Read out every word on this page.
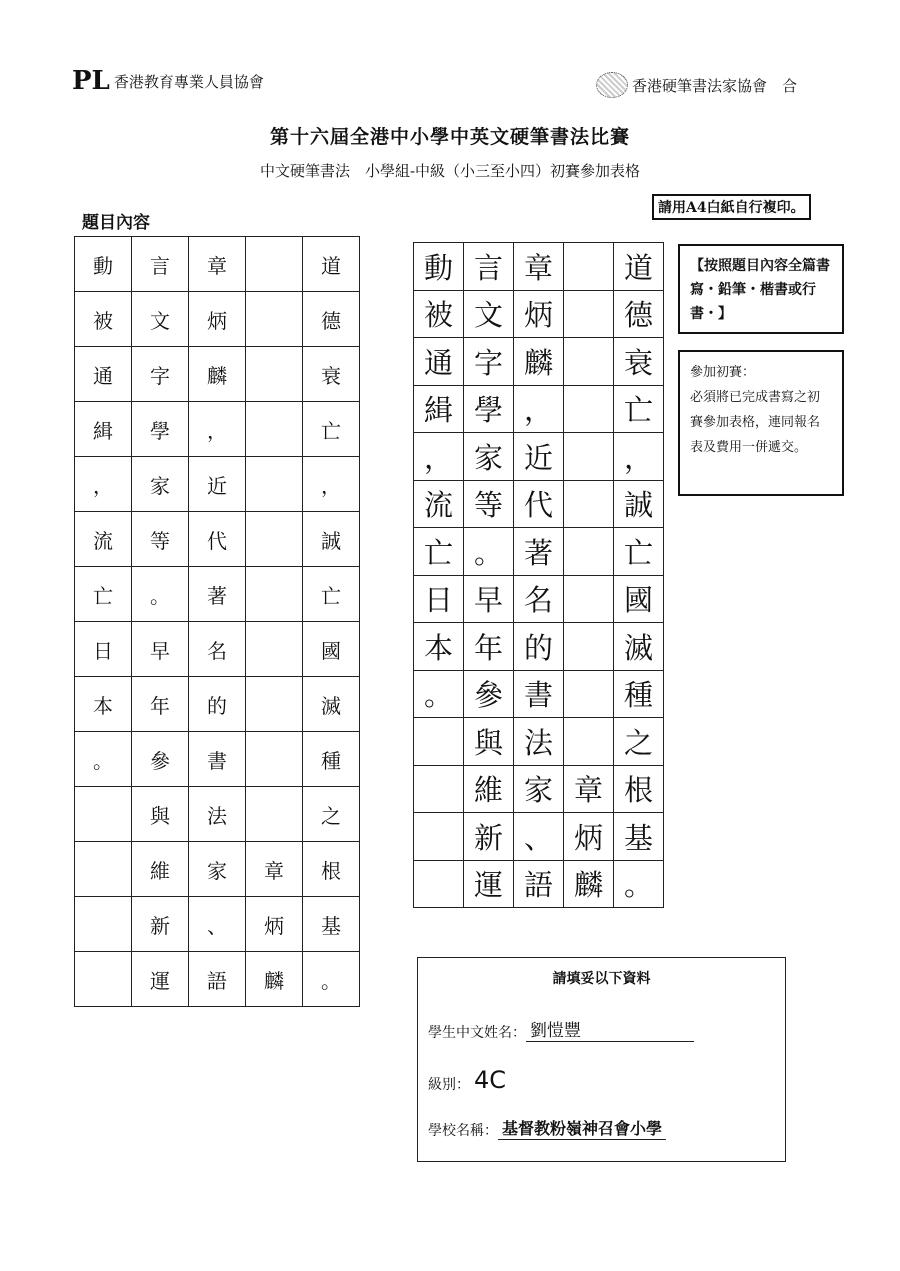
PL 香港教育專業人員協會	香港硬筆書法家協會　合
第十六屆全港中小學中英文硬筆書法比賽
中文硬筆書法　小學組-中級（小三至小四）初賽參加表格
請用A4白紙自行複印。
題目內容
動	言	章		道
被	文	炳		德
通	字	麟		衰
緝	學	，		亡
，	家	近		，
流	等	代		誠
亡	。	著		亡
日	早	名		國
本	年	的		滅
。	參	書		種
	與	法		之
	維	家	章	根
	新	、	炳	基
	運	語	麟	。
動	言	章		道
被	文	炳		德
通	字	麟		衰
緝	學	，		亡
，	家	近		，
流	等	代		誠
亡	。	著		亡
日	早	名		國
本	年	的		滅
。	參	書		種
	與	法		之
	維	家	章	根
	新	、	炳	基
	運	語	麟	。
【按照題目內容全篇書寫・鉛筆・楷書或行書・】
參加初賽：
必須將已完成書寫之初賽參加表格，連同報名表及費用一併遞交。
請填妥以下資料
學生中文姓名： 劉愷豐
級別： 4C
學校名稱： 基督教粉嶺神召會小學
